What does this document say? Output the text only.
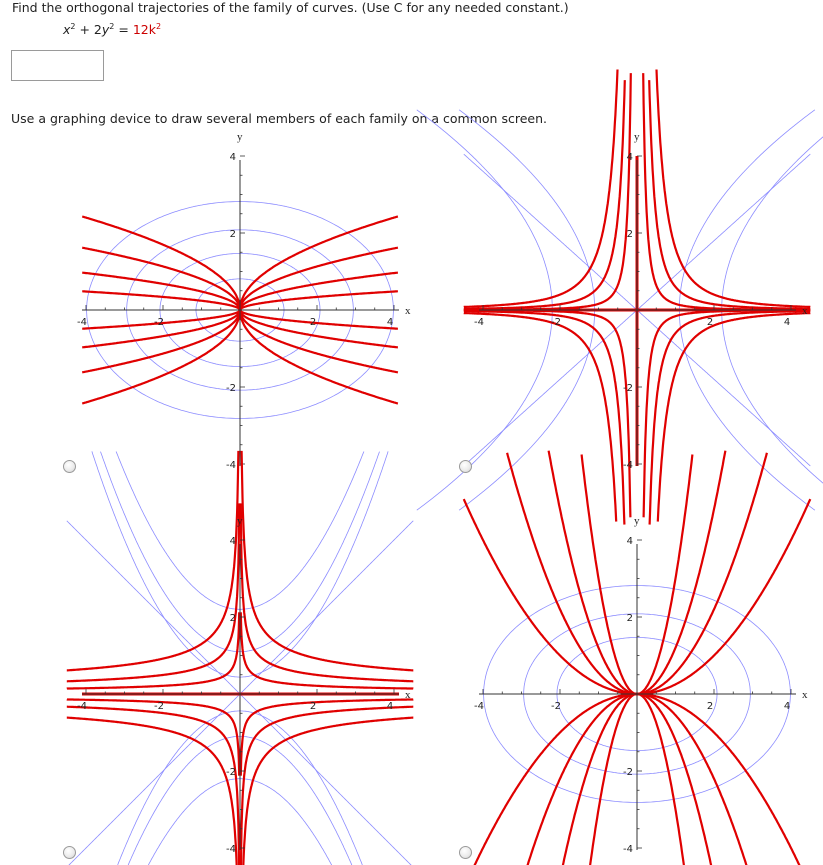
Find the orthogonal trajectories of the family of curves. (Use C for any needed constant.)
$x^2 + 2y^2 = 12k^2$
Use a graphing device to draw several members of each family on a common screen.
x
y
-4	-2	2	4
4
2
-2
-4
x
y
-4	-2	2	4
4
2
-2
-4
x
y
-4	-2	2	4
4
2
-2
-4
x
y
-4	-2	2	4
4
2
-2
-4
